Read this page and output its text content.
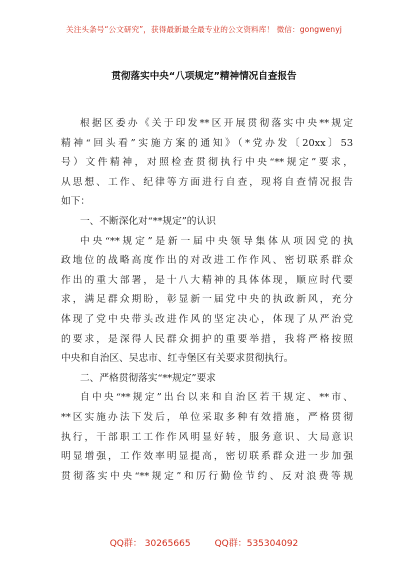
关注头条号“公文研究”，获得最新最全最专业的公文资料库！ 微信：gongwenyj
贯彻落实中央“八项规定”精神情况自查报告
根据区委办《关于印发**区开展贯彻落实中央**规定
精神“回头看”实施方案的通知》（*党办发〔20xx〕53
号）文件精神，对照检查贯彻执行中央“**规定”要求，
从思想、工作、纪律等方面进行自查，现将自查情况报告
如下：
一、不断深化对“**规定”的认识
中央“**规定”是新一届中央领导集体从项因党的执
政地位的战略高度作出的对改进工作作风、密切联系群众
作出的重大部署，是十八大精神的具体体现，顺应时代要
求，满足群众期盼，彰显新一届党中央的执政新风，充分
体现了党中央带头改进作风的坚定决心，体现了从严治党
的要求，是深得人民群众拥护的重要举措，我将严格按照
中央和自治区、吴忠市、红寺堡区有关要求贯彻执行。
二、严格贯彻落实“**规定”要求
自中央“**规定”出台以来和自治区若干规定、**市、
**区实施办法下发后，单位采取多种有效措施，严格贯彻
执行，干部职工工作作风明显好转，服务意识、大局意识
明显增强，工作效率明显提高，密切联系群众进一步加强
贯彻落实中央“**规定”和厉行勤俭节约、反对浪费等规
QQ群： 30265665	QQ群：535304092
